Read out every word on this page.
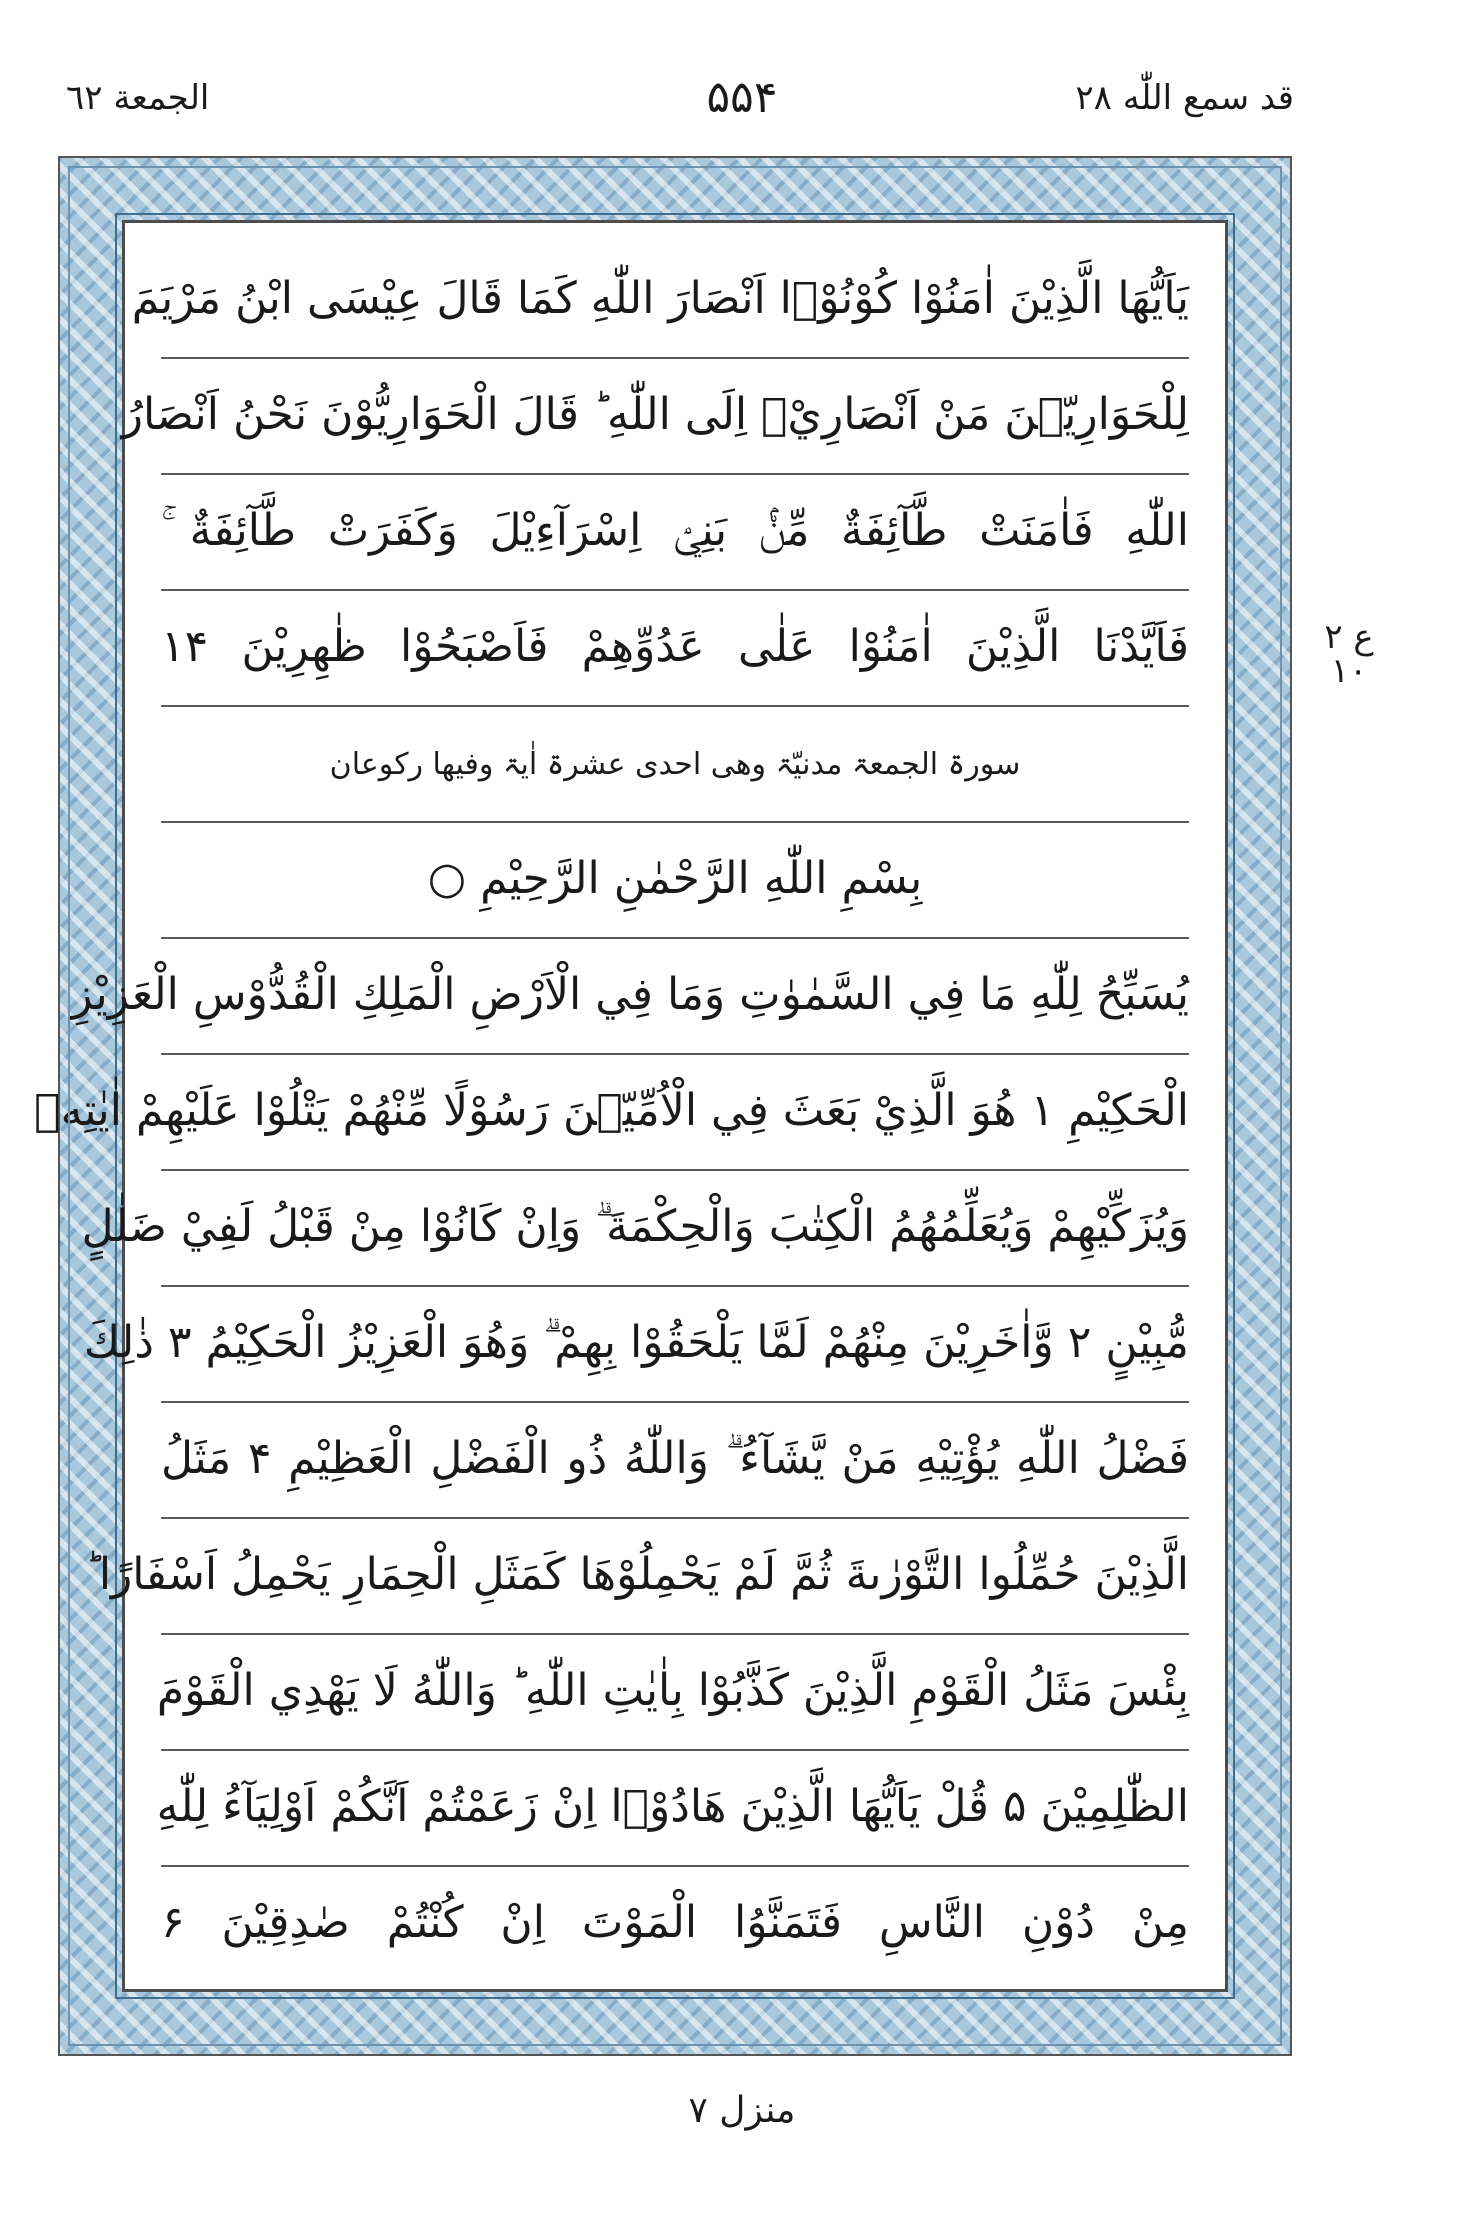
قد سمع اللّٰه ۲۸
۵۵۴
الجمعة ٦٢
يَاَيُّهَا الَّذِيْنَ اٰمَنُوْا كُوْنُوْۤا اَنْصَارَ اللّٰهِ كَمَا قَالَ عِيْسَى ابْنُ مَرْيَمَ
لِلْحَوَارِيّٖنَ مَنْ اَنْصَارِيْۤ اِلَى اللّٰهِ ؕ قَالَ الْحَوَارِيُّوْنَ نَحْنُ اَنْصَارُ
اللّٰهِ فَاٰمَنَتْ طَّآئِفَةٌ مِّنْۢ بَنِيْۤ اِسْرَآءِيْلَ وَكَفَرَتْ طَّآئِفَةٌ ۚ
فَاَيَّدْنَا الَّذِيْنَ اٰمَنُوْا عَلٰى عَدُوِّهِمْ فَاَصْبَحُوْا ظٰهِرِيْنَ ۱۴
سورۃ الجمعۃ مدنیّۃ وھی احدی عشرۃ اٰیۃ وفیھا رکوعان
بِسْمِ اللّٰهِ الرَّحْمٰنِ الرَّحِيْمِ ○
يُسَبِّحُ لِلّٰهِ مَا فِي السَّمٰوٰتِ وَمَا فِي الْاَرْضِ الْمَلِكِ الْقُدُّوْسِ الْعَزِيْزِ
الْحَكِيْمِ ۱ هُوَ الَّذِيْ بَعَثَ فِي الْاُمِّيّٖنَ رَسُوْلًا مِّنْهُمْ يَتْلُوْا عَلَيْهِمْ اٰيٰتِهٖ
وَيُزَكِّيْهِمْ وَيُعَلِّمُهُمُ الْكِتٰبَ وَالْحِكْمَةَ ۗ وَاِنْ كَانُوْا مِنْ قَبْلُ لَفِيْ ضَلٰلٍ
مُّبِيْنٍ ۲ وَّاٰخَرِيْنَ مِنْهُمْ لَمَّا يَلْحَقُوْا بِهِمْ ۗ وَهُوَ الْعَزِيْزُ الْحَكِيْمُ ۳ ذٰلِكَ
فَضْلُ اللّٰهِ يُؤْتِيْهِ مَنْ يَّشَآءُ ۗ وَاللّٰهُ ذُو الْفَضْلِ الْعَظِيْمِ ۴ مَثَلُ
الَّذِيْنَ حُمِّلُوا التَّوْرٰىةَ ثُمَّ لَمْ يَحْمِلُوْهَا كَمَثَلِ الْحِمَارِ يَحْمِلُ اَسْفَارًا ؕ
بِئْسَ مَثَلُ الْقَوْمِ الَّذِيْنَ كَذَّبُوْا بِاٰيٰتِ اللّٰهِ ؕ وَاللّٰهُ لَا يَهْدِي الْقَوْمَ
الظّٰلِمِيْنَ ۵ قُلْ يَاَيُّهَا الَّذِيْنَ هَادُوْۤا اِنْ زَعَمْتُمْ اَنَّكُمْ اَوْلِيَآءُ لِلّٰهِ
مِنْ دُوْنِ النَّاسِ فَتَمَنَّوُا الْمَوْتَ اِنْ كُنْتُمْ صٰدِقِيْنَ ۶
ع ۲ ۱۰
منزل ۷
